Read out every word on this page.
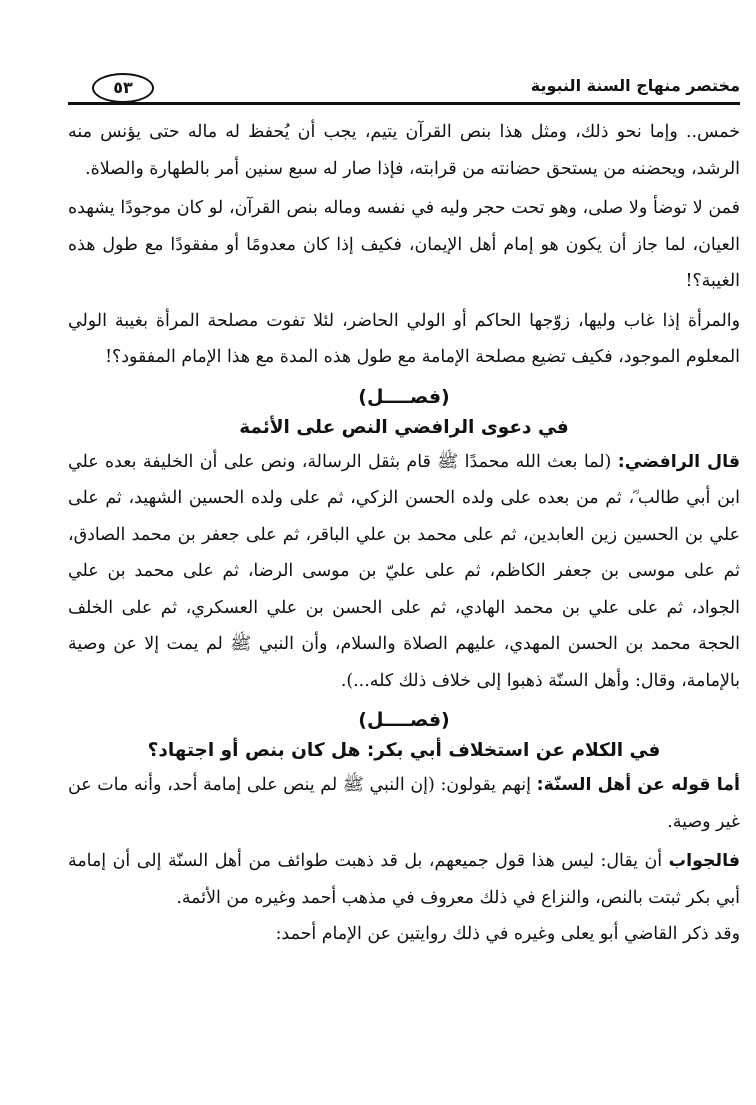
٥٣	مختصر منهاج السنة النبوية

خمس.. وإما نحو ذلك، ومثل هذا بنص القرآن يتيم، يجب أن يُحفظ له ماله حتى يؤنس منه الرشد، ويحضنه من يستحق حضانته من قرابته، فإذا صار له سبع سنين أمر بالطهارة والصلاة.

فمن لا توضأ ولا صلى، وهو تحت حجر وليه في نفسه وماله بنص القرآن، لو كان موجودًا يشهده العيان، لما جاز أن يكون هو إمام أهل الإيمان، فكيف إذا كان معدومًا أو مفقودًا مع طول هذه الغيبة؟!

والمرأة إذا غاب وليها، زوّجها الحاكم أو الولي الحاضر، لئلا تفوت مصلحة المرأة بغيبة الولي المعلوم الموجود، فكيف تضيع مصلحة الإمامة مع طول هذه المدة مع هذا الإمام المفقود؟!

(فصــــل)
في دعوى الرافضي النص على الأئمة

قال الرافضي: (لما بعث الله محمدًا ﷺ قام بثقل الرسالة، ونص على أن الخليفة بعده علي ابن أبي طالب ؓ، ثم من بعده على ولده الحسن الزكي، ثم على ولده الحسين الشهيد، ثم على علي بن الحسين زين العابدين، ثم على محمد بن علي الباقر، ثم على جعفر بن محمد الصادق، ثم على موسى بن جعفر الكاظم، ثم على عليّ بن موسى الرضا، ثم على محمد بن علي الجواد، ثم على علي بن محمد الهادي، ثم على الحسن بن علي العسكري، ثم على الخلف الحجة محمد بن الحسن المهدي، عليهم الصلاة والسلام، وأن النبي ﷺ لم يمت إلا عن وصية بالإمامة، وقال: وأهل السنّة ذهبوا إلى خلاف ذلك كله...).

(فصــــل)
في الكلام عن استخلاف أبي بكر: هل كان بنص أو اجتهاد؟

أما قوله عن أهل السنّة: إنهم يقولون: (إن النبي ﷺ لم ينص على إمامة أحد، وأنه مات عن غير وصية.

فالجواب أن يقال: ليس هذا قول جميعهم، بل قد ذهبت طوائف من أهل السنّة إلى أن إمامة أبي بكر ثبتت بالنص، والنزاع في ذلك معروف في مذهب أحمد وغيره من الأئمة.

وقد ذكر القاضي أبو يعلى وغيره في ذلك روايتين عن الإمام أحمد:
